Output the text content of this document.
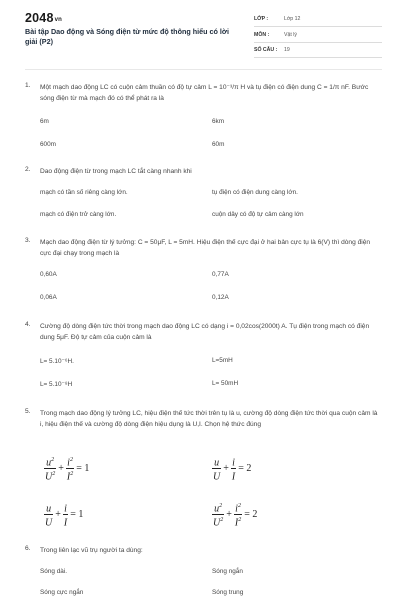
$2048_{vn}$
Bài tập Dao động và Sóng điện từ mức độ thông hiểu có lời giải (P2)
LỚP :	Lớp 12
MÔN :	Vật lý
SỐ CÂU : 19
1. Một mạch dao động LC có cuộn cảm thuần có độ tự cảm L = 10⁻³/π H và tụ điện có điện dung C = 1/π nF. Bước sóng điện từ mà mạch đó có thể phát ra là
6m	6km
600m	60m
2. Dao động điện từ trong mạch LC tắt càng nhanh khi
mạch có tần số riêng càng lớn.	tụ điện có điện dung càng lớn.
mạch có điện trở càng lớn.	cuộn dây có độ tự cảm càng lớn
3. Mạch dao động điện từ lý tưởng: C = 50μF, L = 5mH. Hiệu điện thế cực đại ở hai bản cực tụ là 6(V) thì dòng điện cực đại chạy trong mạch là
0,60A	0,77A
0,06A	0,12A
4. Cường độ dòng điện tức thời trong mạch dao động LC có dạng i = 0,02cos(2000t) A. Tụ điện trong mạch có điện dung 5μF. Độ tự cảm của cuộn cảm là
L= 5.10⁻⁶H.	L=5mH
L= 5.10⁻⁸H	L= 50mH
5. Trong mạch dao động lý tưởng LC, hiệu điện thế tức thời trên tụ là u, cường độ dòng điện tức thời qua cuộn cảm là i, hiệu điện thế và cường độ dòng điện hiệu dụng là U,I. Chọn hệ thức đúng
$\frac{u^2}{U^2} + \frac{i^2}{I^2} = 1$	$\frac{u}{U} + \frac{i}{I} = 2$
$\frac{u}{U} + \frac{i}{I} = 1$	$\frac{u^2}{U^2} + \frac{i^2}{I^2} = 2$
6. Trong liên lạc vũ trụ người ta dùng:
Sóng dài.	Sóng ngắn
Sóng cực ngắn	Sóng trung
